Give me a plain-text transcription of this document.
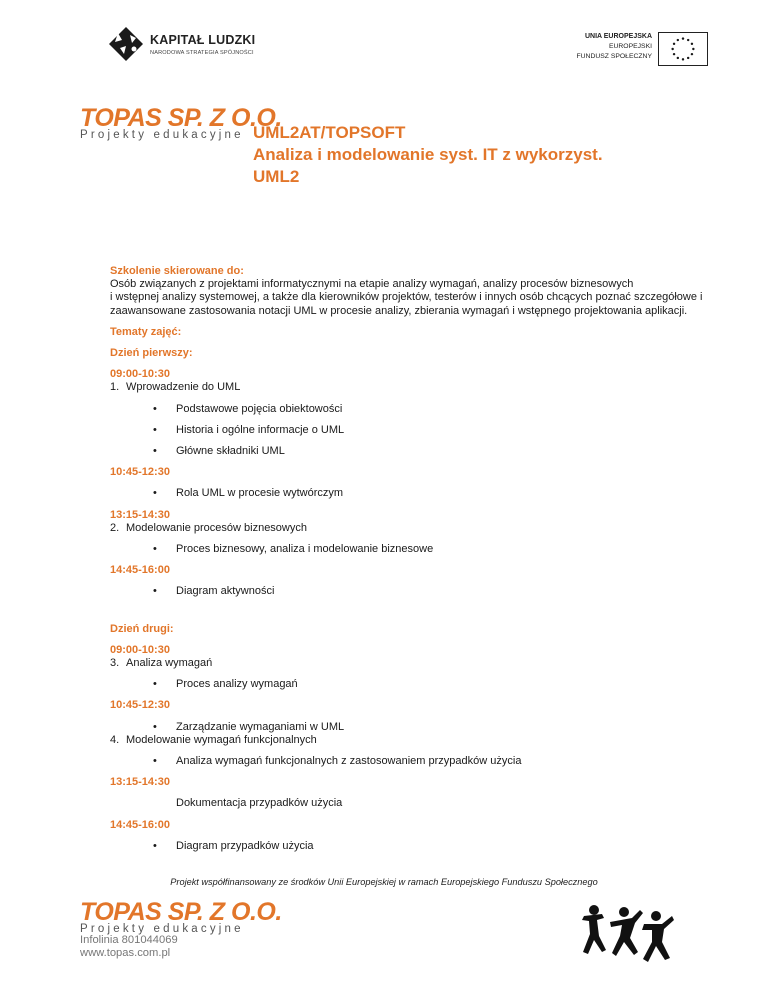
KAPITAŁ LUDZKI
NARODOWA STRATEGIA SPÓJNOŚCI
UNIA EUROPEJSKA
EUROPEJSKI
FUNDUSZ SPOŁECZNY
TOPAS SP. Z O.O.
Projekty edukacyjne UML2AT/TOPSOFT
Analiza i modelowanie syst. IT z wykorzyst.
UML2
Szkolenie skierowane do:
Osób związanych z projektami informatycznymi na etapie analizy wymagań, analizy procesów biznesowych
i wstępnej analizy systemowej, a także dla kierowników projektów, testerów i innych osób chcących poznać szczegółowe i
zaawansowane zastosowania notacji UML w procesie analizy, zbierania wymagań i wstępnego projektowania aplikacji.
Tematy zajęć:
Dzień pierwszy:
09:00-10:30
1. Wprowadzenie do UML
•	Podstawowe pojęcia obiektowości
•	Historia i ogólne informacje o UML
•	Główne składniki UML
10:45-12:30
•	Rola UML w procesie wytwórczym
13:15-14:30
2. Modelowanie procesów biznesowych
•	Proces biznesowy, analiza i modelowanie biznesowe
14:45-16:00
•	Diagram aktywności
Dzień drugi:
09:00-10:30
3. Analiza wymagań
•	Proces analizy wymagań
10:45-12:30
•	Zarządzanie wymaganiami w UML
4. Modelowanie wymagań funkcjonalnych
•	Analiza wymagań funkcjonalnych z zastosowaniem przypadków użycia
13:15-14:30
Dokumentacja przypadków użycia
14:45-16:00
•	Diagram przypadków użycia
Projekt współfinansowany ze środków Unii Europejskiej w ramach Europejskiego Funduszu Społecznego
TOPAS SP. Z O.O.
Projekty edukacyjne
Infolinia 801044069
www.topas.com.pl
